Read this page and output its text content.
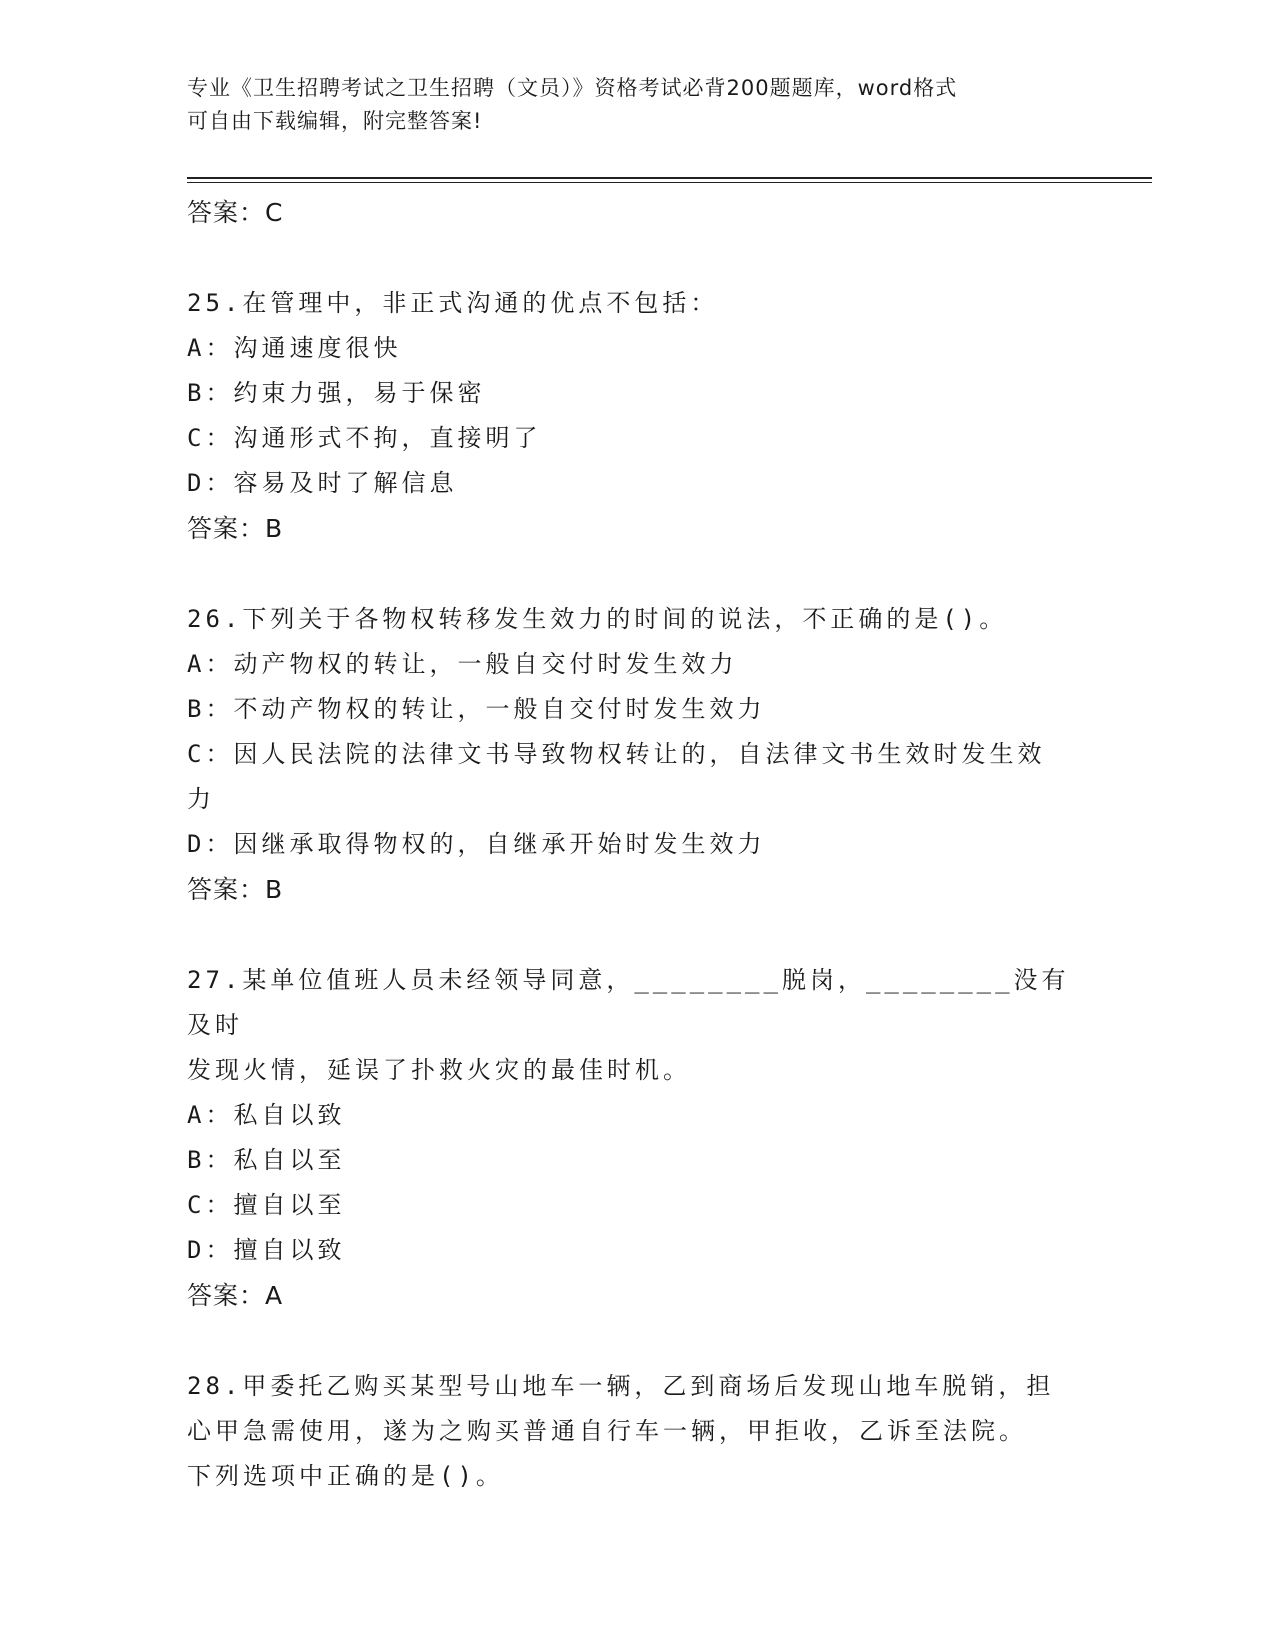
专业《卫生招聘考试之卫生招聘（文员）》资格考试必背200题题库，word格式
可自由下载编辑，附完整答案!
答案：C
25.在管理中，非正式沟通的优点不包括：
A：沟通速度很快
B：约束力强，易于保密
C：沟通形式不拘，直接明了
D：容易及时了解信息
答案：B
26.下列关于各物权转移发生效力的时间的说法，不正确的是()。
A：动产物权的转让，一般自交付时发生效力
B：不动产物权的转让，一般自交付时发生效力
C：因人民法院的法律文书导致物权转让的，自法律文书生效时发生效
力
D：因继承取得物权的，自继承开始时发生效力
答案：B
27.某单位值班人员未经领导同意，________脱岗，________没有及时
发现火情，延误了扑救火灾的最佳时机。
A：私自以致
B：私自以至
C：擅自以至
D：擅自以致
答案：A
28.甲委托乙购买某型号山地车一辆，乙到商场后发现山地车脱销，担
心甲急需使用，遂为之购买普通自行车一辆，甲拒收，乙诉至法院。
下列选项中正确的是()。
